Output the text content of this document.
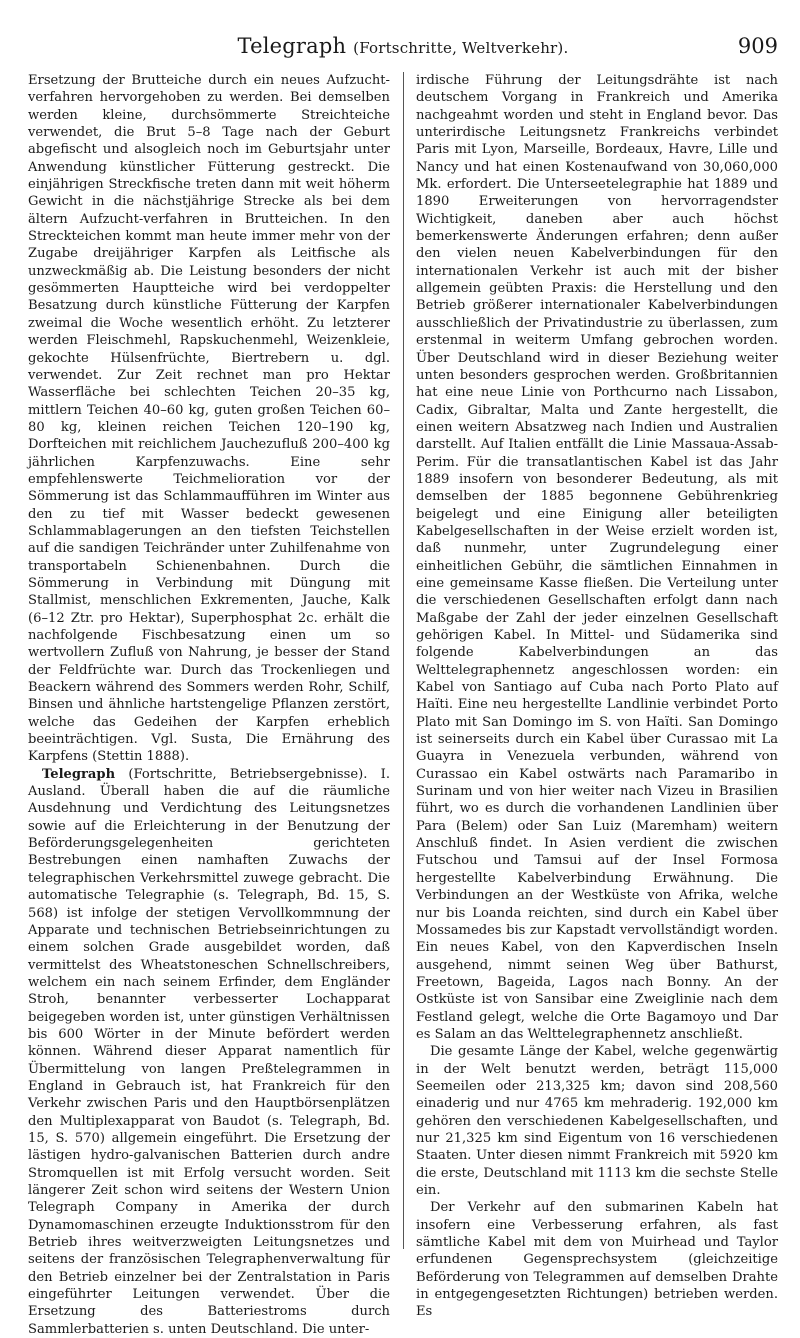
Telegraph (Fortschritte, Weltverkehr).	909

Ersetzung der Brutteiche durch ein neues Aufzucht-verfahren hervorgehoben zu werden. Bei demselben werden kleine, durchsömmerte Streichteiche verwendet, die Brut 5–8 Tage nach der Geburt abgefischt und alsogleich noch im Geburtsjahr unter Anwendung künstlicher Fütterung gestreckt. Die einjährigen Streckfische treten dann mit weit höherm Gewicht in die nächstjährige Strecke als bei dem ältern Aufzucht-verfahren in Brutteichen. In den Streckteichen kommt man heute immer mehr von der Zugabe dreijähriger Karpfen als Leitfische als unzweckmäßig ab. Die Leistung besonders der nicht gesömmerten Hauptteiche wird bei verdoppelter Besatzung durch künstliche Fütterung der Karpfen zweimal die Woche wesentlich erhöht. Zu letzterer werden Fleischmehl, Rapskuchenmehl, Weizenkleie, gekochte Hülsenfrüchte, Biertrebern u. dgl. verwendet. Zur Zeit rechnet man pro Hektar Wasserfläche bei schlechten Teichen 20–35 kg, mittlern Teichen 40–60 kg, guten großen Teichen 60–80 kg, kleinen reichen Teichen 120–190 kg, Dorfteichen mit reichlichem Jauchezufluß 200–400 kg jährlichen Karpfenzuwachs. Eine sehr empfehlenswerte Teichmelioration vor der Sömmerung ist das Schlammaufführen im Winter aus den zu tief mit Wasser bedeckt gewesenen Schlammablagerungen an den tiefsten Teichstellen auf die sandigen Teichränder unter Zuhilfenahme von transportabeln Schienenbahnen. Durch die Sömmerung in Verbindung mit Düngung mit Stallmist, menschlichen Exkrementen, Jauche, Kalk (6–12 Ztr. pro Hektar), Superphosphat 2c. erhält die nachfolgende Fischbesatzung einen um so wertvollern Zufluß von Nahrung, je besser der Stand der Feldfrüchte war. Durch das Trockenliegen und Beackern während des Sommers werden Rohr, Schilf, Binsen und ähnliche hartstengelige Pflanzen zerstört, welche das Gedeihen der Karpfen erheblich beeinträchtigen. Vgl. Susta, Die Ernährung des Karpfens (Stettin 1888).

Telegraph (Fortschritte, Betriebsergebnisse). I. Ausland. Überall haben die auf die räumliche Ausdehnung und Verdichtung des Leitungsnetzes sowie auf die Erleichterung in der Benutzung der Beförderungsgelegenheiten gerichteten Bestrebungen einen namhaften Zuwachs der telegraphischen Verkehrsmittel zuwege gebracht. Die automatische Telegraphie (s. Telegraph, Bd. 15, S. 568) ist infolge der stetigen Vervollkommnung der Apparate und technischen Betriebseinrichtungen zu einem solchen Grade ausgebildet worden, daß vermittelst des Wheatstoneschen Schnellschreibers, welchem ein nach seinem Erfinder, dem Engländer Stroh, benannter verbesserter Lochapparat beigegeben worden ist, unter günstigen Verhältnissen bis 600 Wörter in der Minute befördert werden können. Während dieser Apparat namentlich für Übermittelung von langen Preßtelegrammen in England in Gebrauch ist, hat Frankreich für den Verkehr zwischen Paris und den Hauptbörsenplätzen den Multiplexapparat von Baudot (s. Telegraph, Bd. 15, S. 570) allgemein eingeführt. Die Ersetzung der lästigen hydro-galvanischen Batterien durch andre Stromquellen ist mit Erfolg versucht worden. Seit längerer Zeit schon wird seitens der Western Union Telegraph Company in Amerika der durch Dynamomaschinen erzeugte Induktionsstrom für den Betrieb ihres weitverzweigten Leitungsnetzes und seitens der französischen Telegraphenverwaltung für den Betrieb einzelner bei der Zentralstation in Paris eingeführter Leitungen verwendet. Über die Ersetzung des Batteriestroms durch Sammlerbatterien s. unten Deutschland. Die unter-

irdische Führung der Leitungsdrähte ist nach deutschem Vorgang in Frankreich und Amerika nachgeahmt worden und steht in England bevor. Das unterirdische Leitungsnetz Frankreichs verbindet Paris mit Lyon, Marseille, Bordeaux, Havre, Lille und Nancy und hat einen Kostenaufwand von 30,060,000 Mk. erfordert. Die Unterseetelegraphie hat 1889 und 1890 Erweiterungen von hervorragendster Wichtigkeit, daneben aber auch höchst bemerkenswerte Änderungen erfahren; denn außer den vielen neuen Kabelverbindungen für den internationalen Verkehr ist auch mit der bisher allgemein geübten Praxis: die Herstellung und den Betrieb größerer internationaler Kabelverbindungen ausschließlich der Privatindustrie zu überlassen, zum erstenmal in weiterm Umfang gebrochen worden. Über Deutschland wird in dieser Beziehung weiter unten besonders gesprochen werden. Großbritannien hat eine neue Linie von Porthcurno nach Lissabon, Cadix, Gibraltar, Malta und Zante hergestellt, die einen weitern Absatzweg nach Indien und Australien darstellt. Auf Italien entfällt die Linie Massaua-Assab-Perim. Für die transatlantischen Kabel ist das Jahr 1889 insofern von besonderer Bedeutung, als mit demselben der 1885 begonnene Gebührenkrieg beigelegt und eine Einigung aller beteiligten Kabelgesellschaften in der Weise erzielt worden ist, daß nunmehr, unter Zugrundelegung einer einheitlichen Gebühr, die sämtlichen Einnahmen in eine gemeinsame Kasse fließen. Die Verteilung unter die verschiedenen Gesellschaften erfolgt dann nach Maßgabe der Zahl der jeder einzelnen Gesellschaft gehörigen Kabel. In Mittel- und Südamerika sind folgende Kabelverbindungen an das Welttelegraphennetz angeschlossen worden: ein Kabel von Santiago auf Cuba nach Porto Plato auf Haïti. Eine neu hergestellte Landlinie verbindet Porto Plato mit San Domingo im S. von Haïti. San Domingo ist seinerseits durch ein Kabel über Curassao mit La Guayra in Venezuela verbunden, während von Curassao ein Kabel ostwärts nach Paramaribo in Surinam und von hier weiter nach Vizeu in Brasilien führt, wo es durch die vorhandenen Landlinien über Para (Belem) oder San Luiz (Maremham) weitern Anschluß findet. In Asien verdient die zwischen Futschou und Tamsui auf der Insel Formosa hergestellte Kabelverbindung Erwähnung. Die Verbindungen an der Westküste von Afrika, welche nur bis Loanda reichten, sind durch ein Kabel über Mossamedes bis zur Kapstadt vervollständigt worden. Ein neues Kabel, von den Kapverdischen Inseln ausgehend, nimmt seinen Weg über Bathurst, Freetown, Bageida, Lagos nach Bonny. An der Ostküste ist von Sansibar eine Zweiglinie nach dem Festland gelegt, welche die Orte Bagamoyo und Dar es Salam an das Welttelegraphennetz anschließt.

Die gesamte Länge der Kabel, welche gegenwärtig in der Welt benutzt werden, beträgt 115,000 Seemeilen oder 213,325 km; davon sind 208,560 einaderig und nur 4765 km mehraderig. 192,000 km gehören den verschiedenen Kabelgesellschaften, und nur 21,325 km sind Eigentum von 16 verschiedenen Staaten. Unter diesen nimmt Frankreich mit 5920 km die erste, Deutschland mit 1113 km die sechste Stelle ein.

Der Verkehr auf den submarinen Kabeln hat insofern eine Verbesserung erfahren, als fast sämtliche Kabel mit dem von Muirhead und Taylor erfundenen Gegensprechsystem (gleichzeitige Beförderung von Telegrammen auf demselben Drahte in entgegengesetzten Richtungen) betrieben werden. Es
